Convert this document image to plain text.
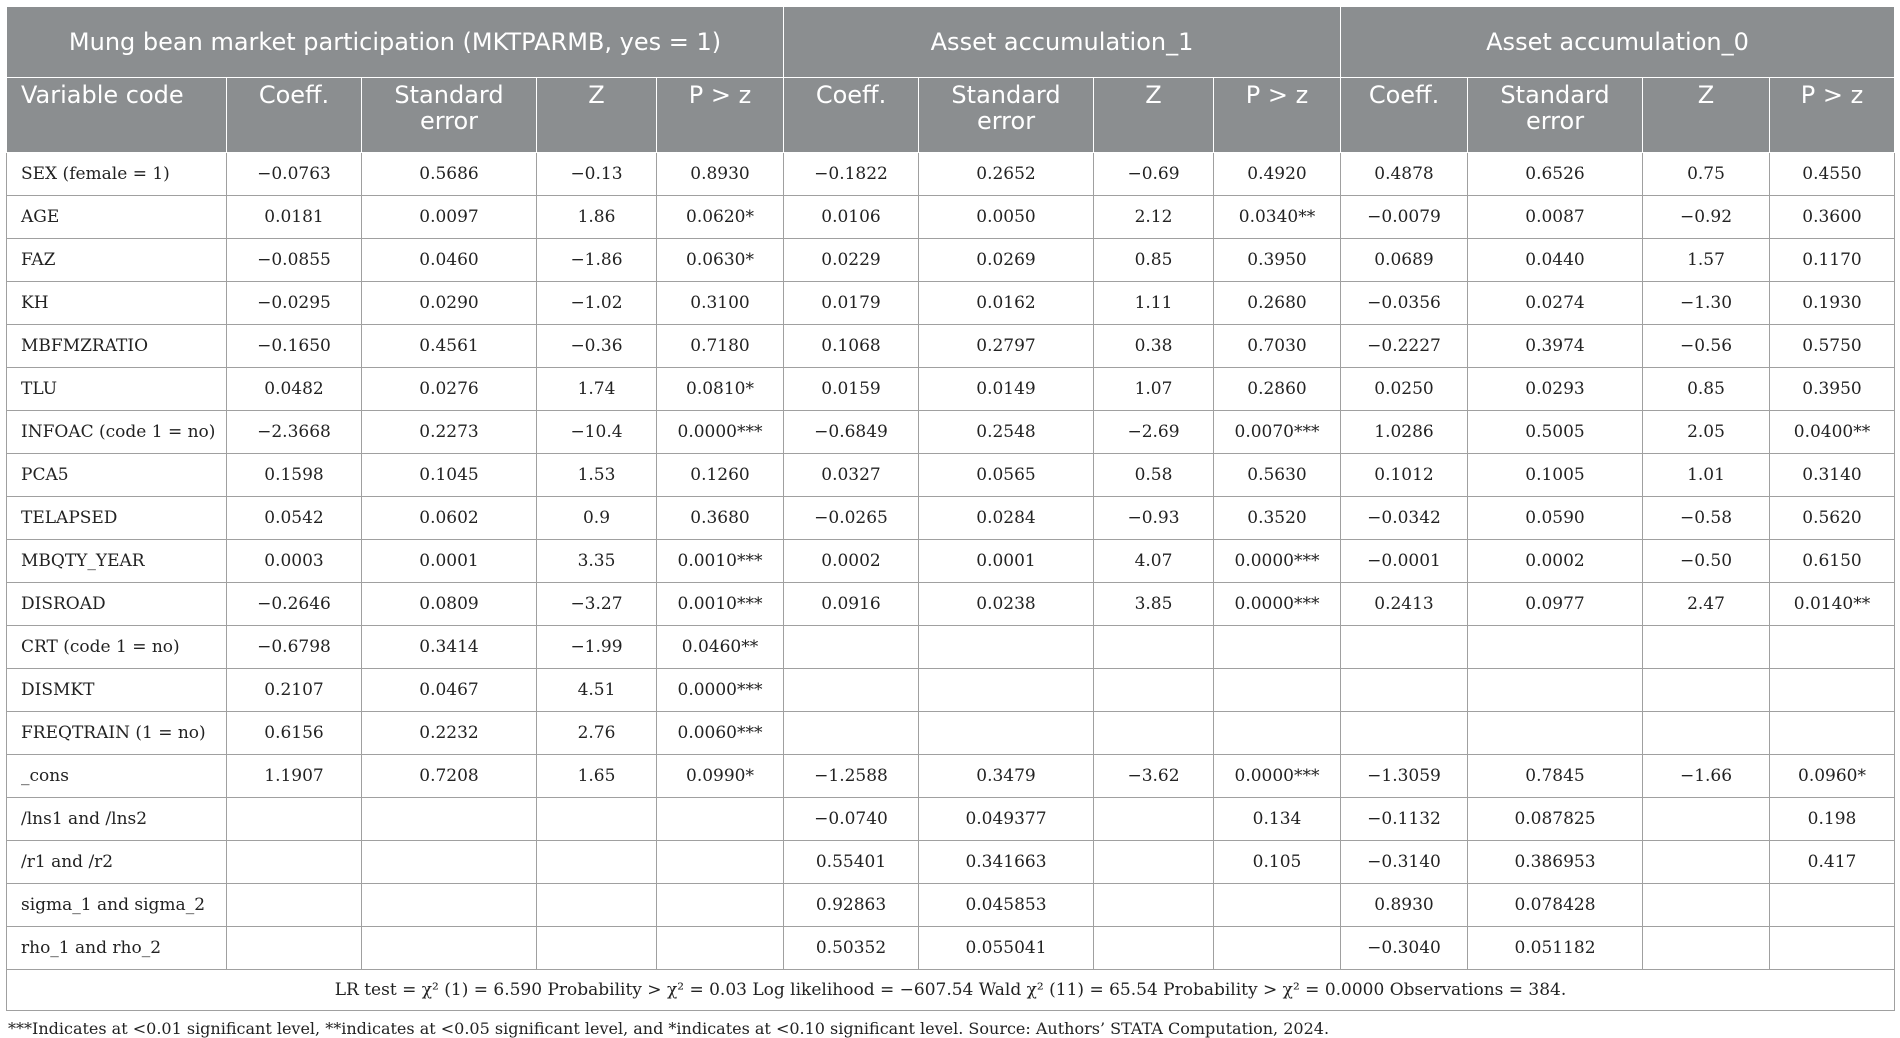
Mung bean market participation (MKTPARMB, yes = 1)					Asset accumulation_1				Asset accumulation_0			
Variable code	Coeff.	Standard error	Z	P > z	Coeff.	Standard error	Z	P > z	Coeff.	Standard error	Z	P > z
SEX (female = 1)	−0.0763	0.5686	−0.13	0.8930	−0.1822	0.2652	−0.69	0.4920	0.4878	0.6526	0.75	0.4550
AGE	0.0181	0.0097	1.86	0.0620*	0.0106	0.0050	2.12	0.0340**	−0.0079	0.0087	−0.92	0.3600
FAZ	−0.0855	0.0460	−1.86	0.0630*	0.0229	0.0269	0.85	0.3950	0.0689	0.0440	1.57	0.1170
KH	−0.0295	0.0290	−1.02	0.3100	0.0179	0.0162	1.11	0.2680	−0.0356	0.0274	−1.30	0.1930
MBFMZRATIO	−0.1650	0.4561	−0.36	0.7180	0.1068	0.2797	0.38	0.7030	−0.2227	0.3974	−0.56	0.5750
TLU	0.0482	0.0276	1.74	0.0810*	0.0159	0.0149	1.07	0.2860	0.0250	0.0293	0.85	0.3950
INFOAC (code 1 = no)	−2.3668	0.2273	−10.4	0.0000***	−0.6849	0.2548	−2.69	0.0070***	1.0286	0.5005	2.05	0.0400**
PCA5	0.1598	0.1045	1.53	0.1260	0.0327	0.0565	0.58	0.5630	0.1012	0.1005	1.01	0.3140
TELAPSED	0.0542	0.0602	0.9	0.3680	−0.0265	0.0284	−0.93	0.3520	−0.0342	0.0590	−0.58	0.5620
MBQTY_YEAR	0.0003	0.0001	3.35	0.0010***	0.0002	0.0001	4.07	0.0000***	−0.0001	0.0002	−0.50	0.6150
DISROAD	−0.2646	0.0809	−3.27	0.0010***	0.0916	0.0238	3.85	0.0000***	0.2413	0.0977	2.47	0.0140**
CRT (code 1 = no)	−0.6798	0.3414	−1.99	0.0460**								
DISMKT	0.2107	0.0467	4.51	0.0000***								
FREQTRAIN (1 = no)	0.6156	0.2232	2.76	0.0060***								
_cons	1.1907	0.7208	1.65	0.0990*	−1.2588	0.3479	−3.62	0.0000***	−1.3059	0.7845	−1.66	0.0960*
/lns1 and /lns2					−0.0740	0.049377		0.134	−0.1132	0.087825		0.198
/r1 and /r2					0.55401	0.341663		0.105	−0.3140	0.386953		0.417
sigma_1 and sigma_2					0.92863	0.045853			0.8930	0.078428		
rho_1 and rho_2					0.50352	0.055041			−0.3040	0.051182		
LR test = χ² (1) = 6.590 Probability > χ² = 0.03 Log likelihood = −607.54 Wald χ² (11) = 65.54 Probability > χ² = 0.0000 Observations = 384.												
***Indicates at <0.01 significant level, **indicates at <0.05 significant level, and *indicates at <0.10 significant level. Source: Authors’ STATA Computation, 2024.
